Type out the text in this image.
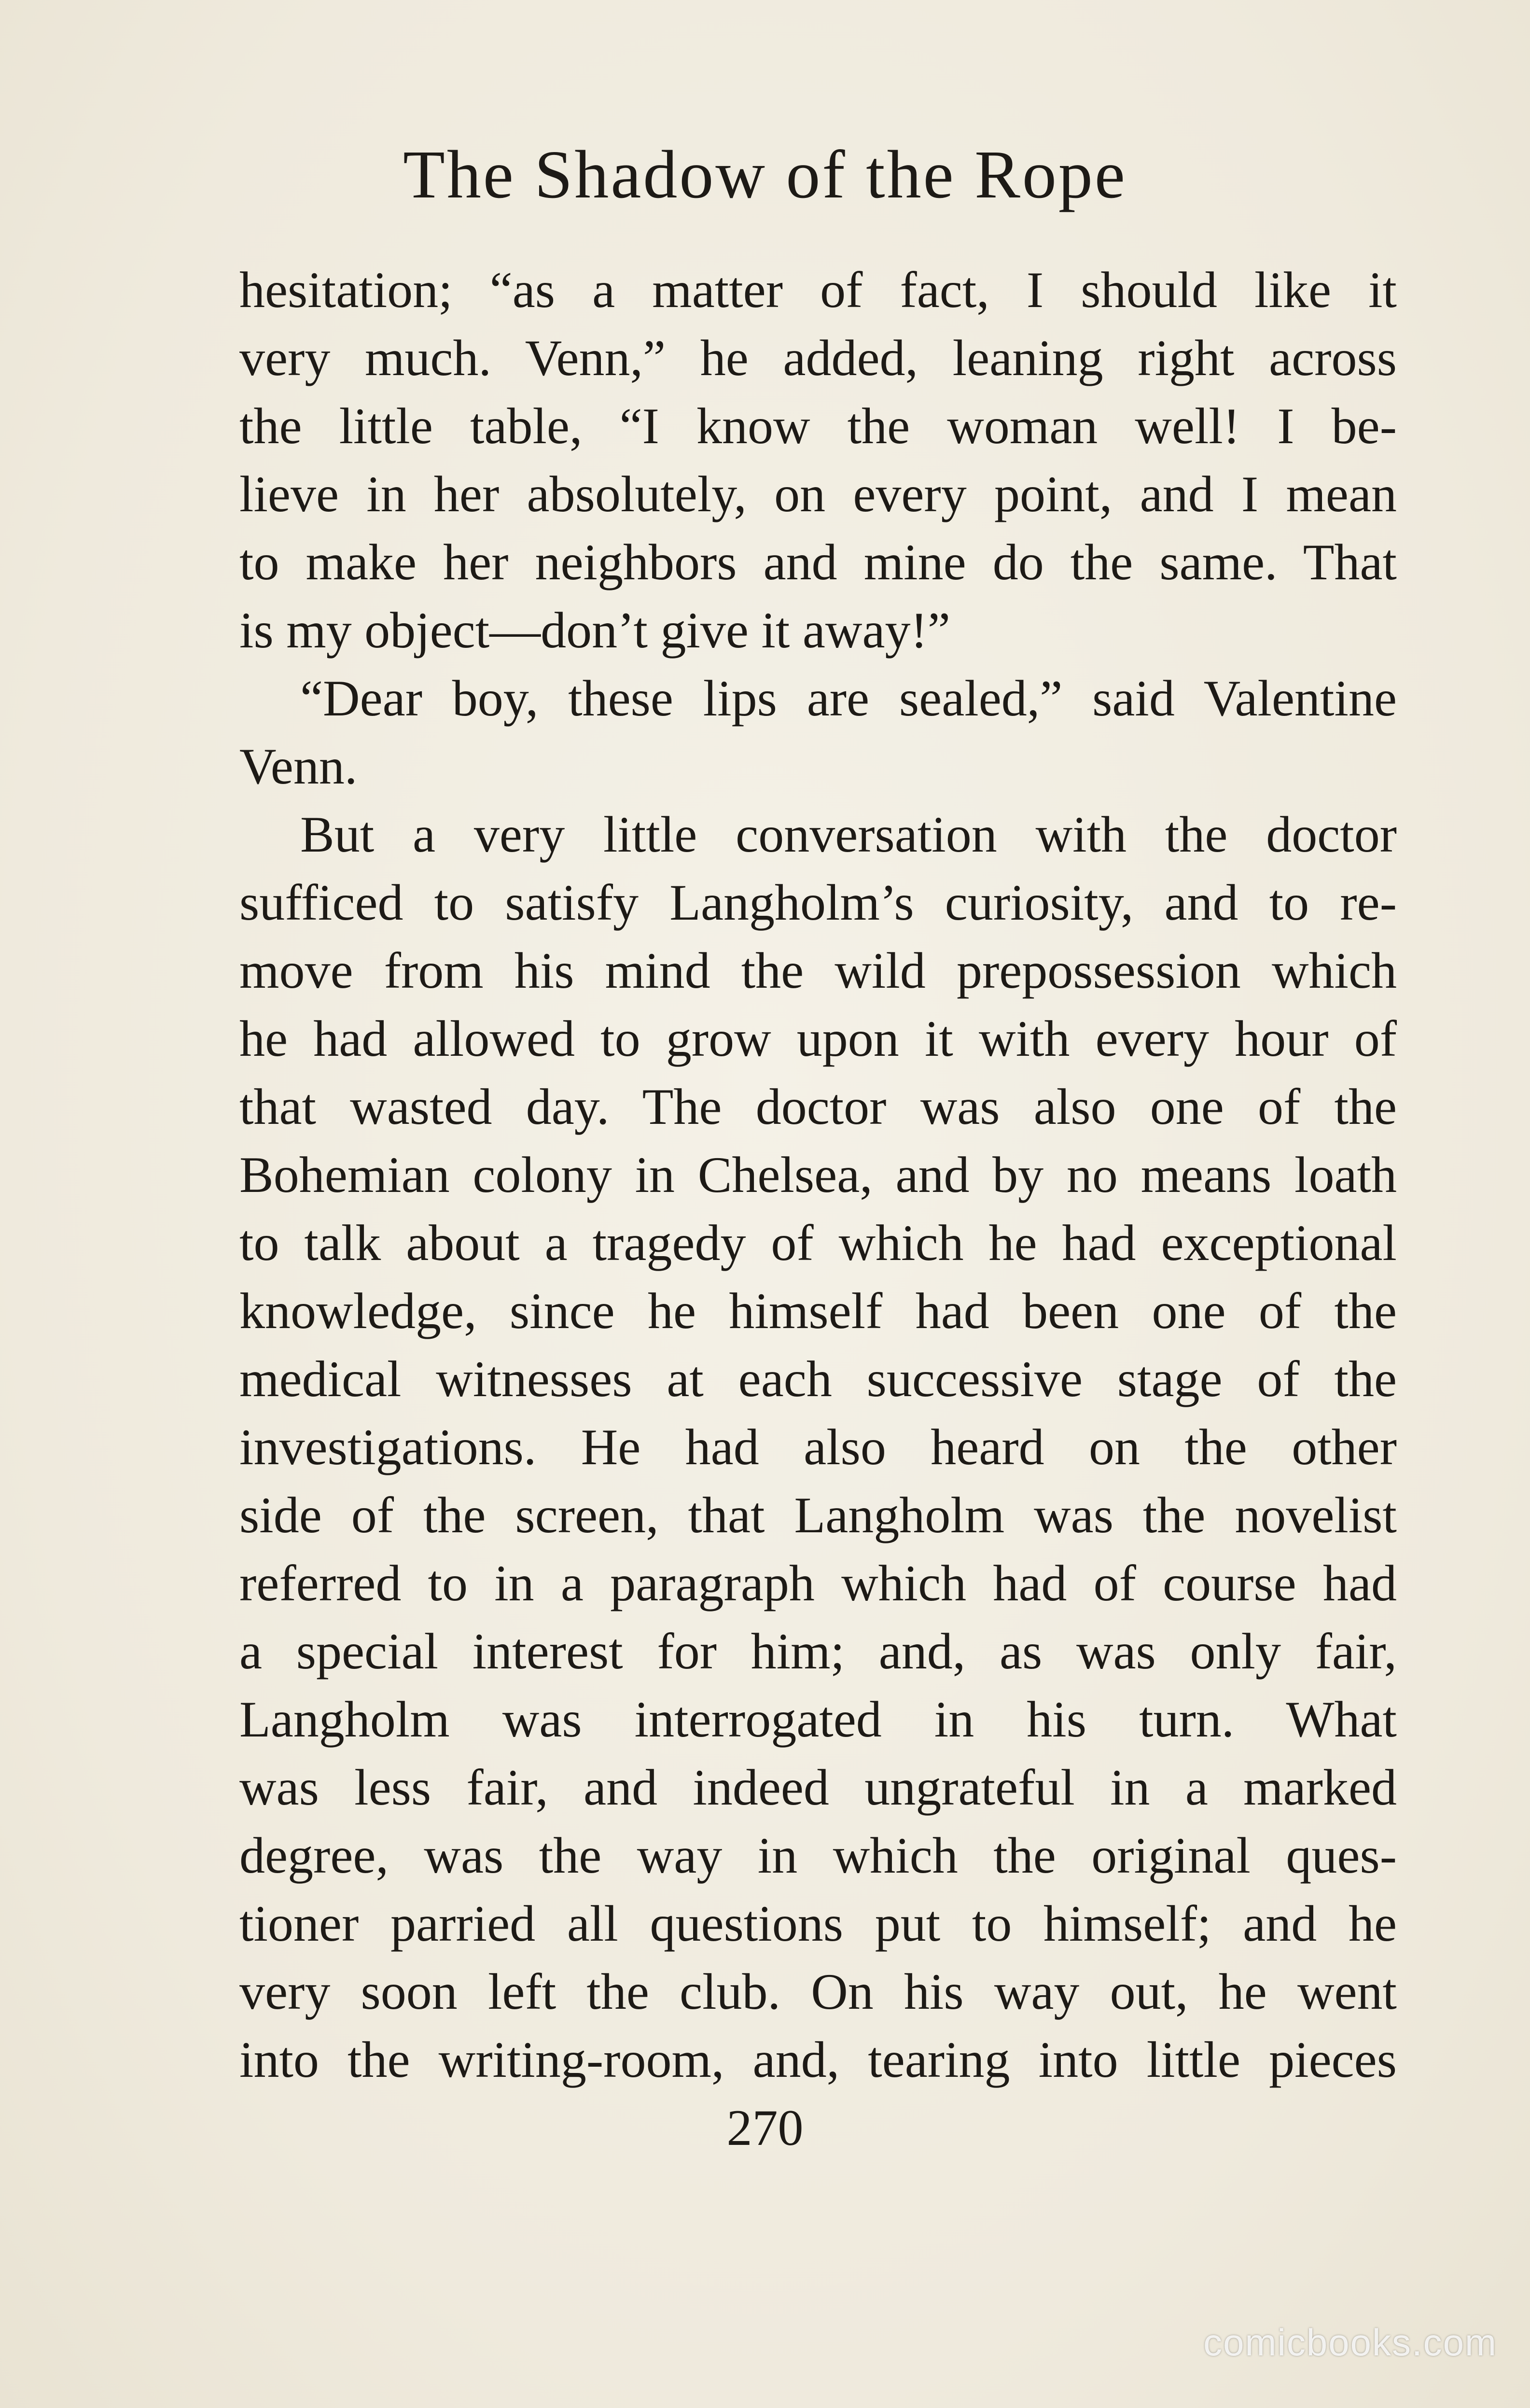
The Shadow of the Rope
hesitation; “as a matter of fact, I should like it
very much. Venn,” he added, leaning right across
the little table, “I know the woman well! I be-
lieve in her absolutely, on every point, and I mean
to make her neighbors and mine do the same. That
is my object—don’t give it away!”
“Dear boy, these lips are sealed,” said Valentine
Venn.
But a very little conversation with the doctor
sufficed to satisfy Langholm’s curiosity, and to re-
move from his mind the wild prepossession which
he had allowed to grow upon it with every hour of
that wasted day. The doctor was also one of the
Bohemian colony in Chelsea, and by no means loath
to talk about a tragedy of which he had exceptional
knowledge, since he himself had been one of the
medical witnesses at each successive stage of the
investigations. He had also heard on the other
side of the screen, that Langholm was the novelist
referred to in a paragraph which had of course had
a special interest for him; and, as was only fair,
Langholm was interrogated in his turn. What
was less fair, and indeed ungrateful in a marked
degree, was the way in which the original ques-
tioner parried all questions put to himself; and he
very soon left the club. On his way out, he went
into the writing-room, and, tearing into little pieces
270
comicbooks.com
